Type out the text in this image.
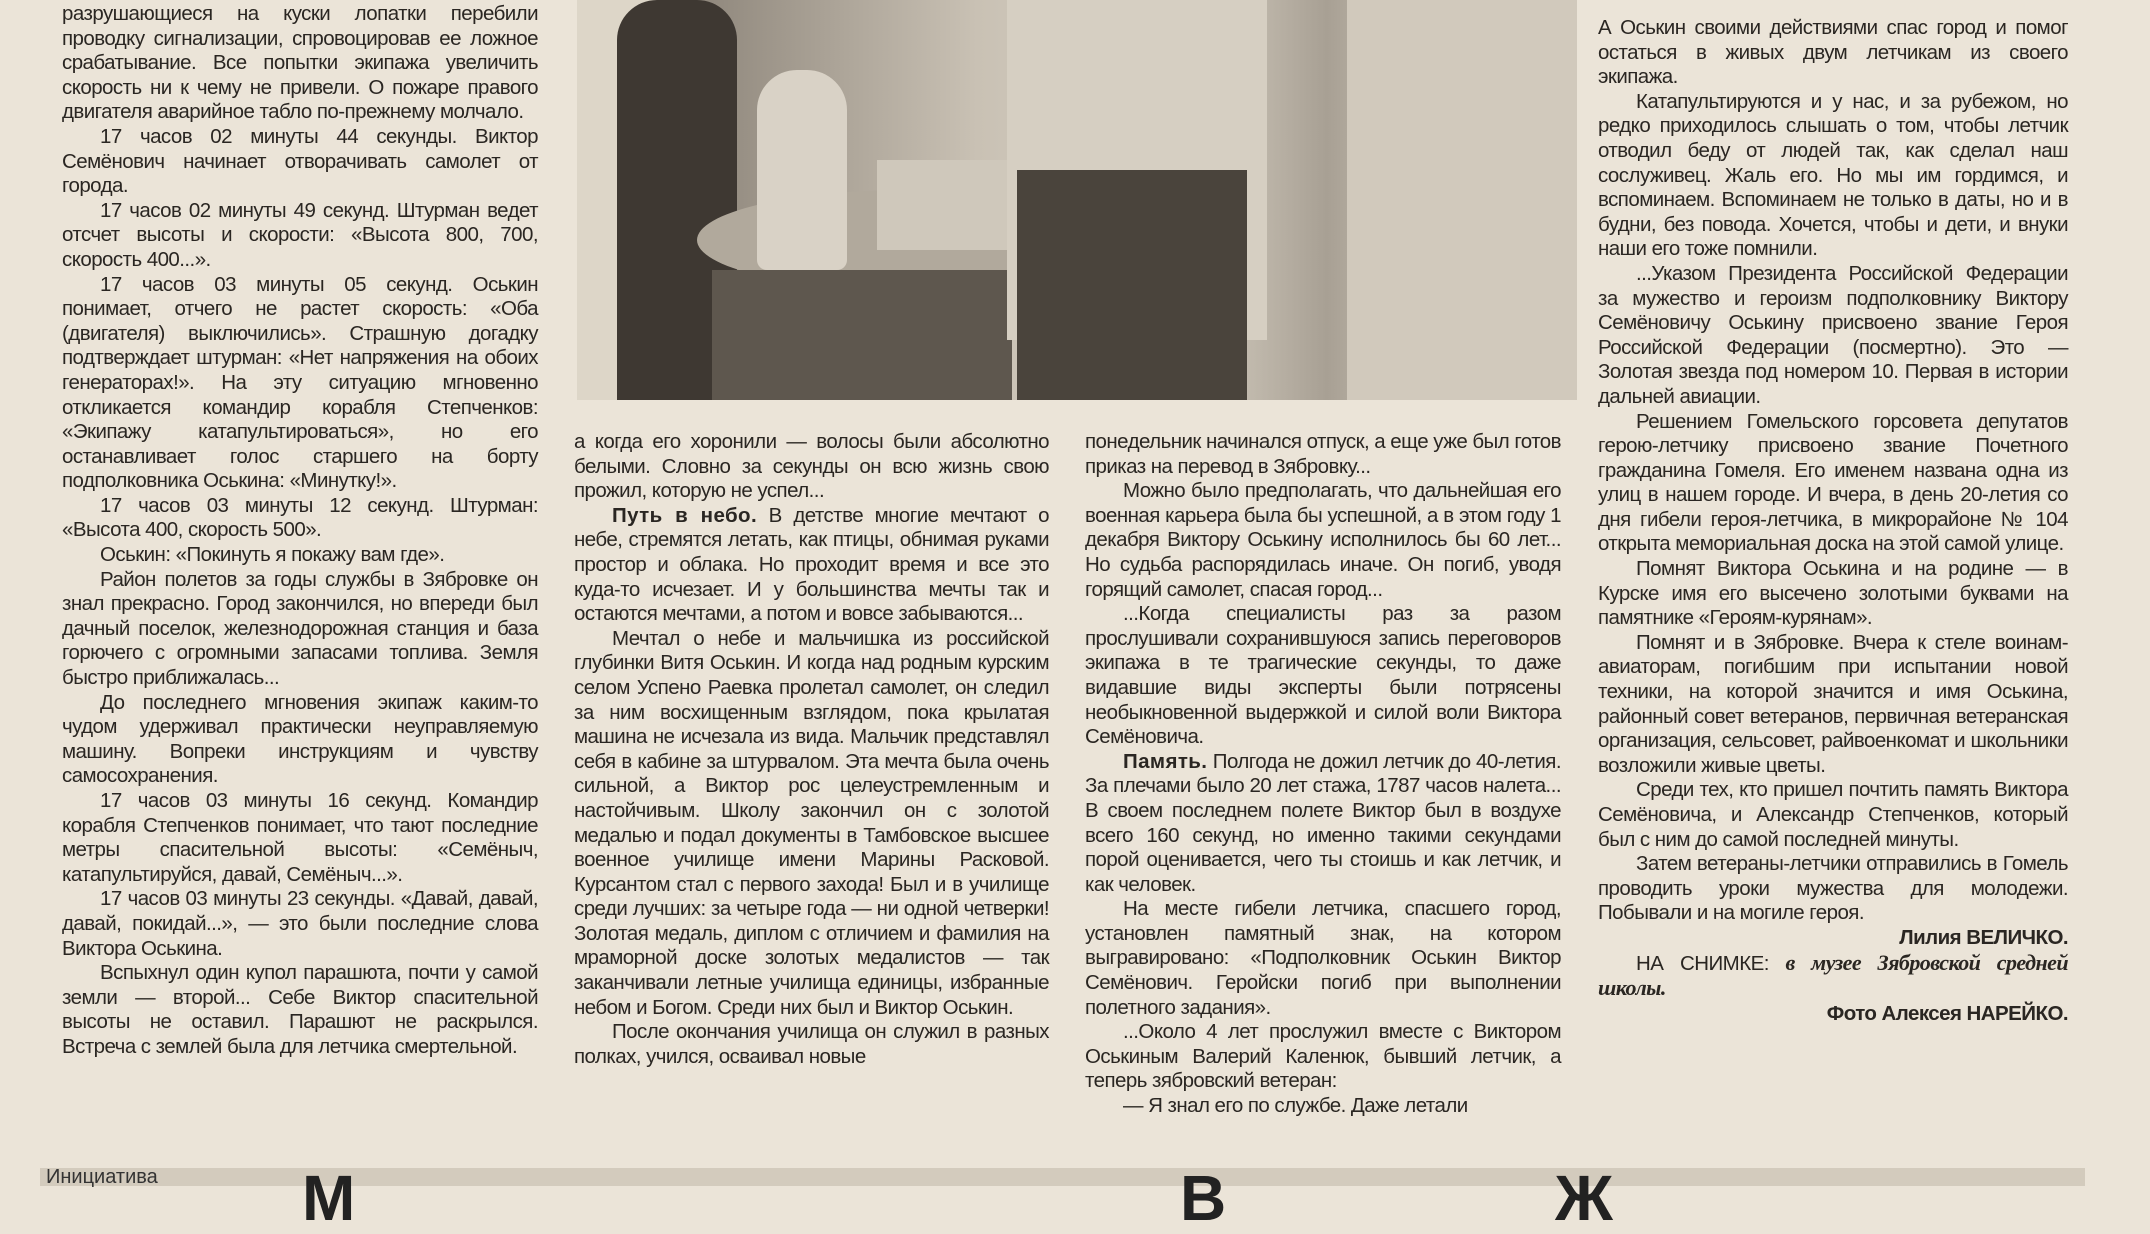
разрушающиеся на куски лопатки перебили проводку сигнализации, спровоцировав ее ложное срабатывание. Все попытки экипажа увеличить скорость ни к чему не привели. О пожаре правого двигателя аварийное табло по-прежнему молчало.

17 часов 02 минуты 44 секунды. Виктор Семёнович начинает отворачивать самолет от города.

17 часов 02 минуты 49 секунд. Штурман ведет отсчет высоты и скорости: «Высота 800, 700, скорость 400...».

17 часов 03 минуты 05 секунд. Оськин понимает, отчего не растет скорость: «Оба (двигателя) выключились». Страшную догадку подтверждает штурман: «Нет напряжения на обоих генераторах!». На эту ситуацию мгновенно откликается командир корабля Степченков: «Экипажу катапультироваться», но его останавливает голос старшего на борту подполковника Оськина: «Минутку!».

17 часов 03 минуты 12 секунд. Штурман: «Высота 400, скорость 500».

Оськин: «Покинуть я покажу вам где».

Район полетов за годы службы в Зябровке он знал прекрасно. Город закончился, но впереди был дачный поселок, железнодорожная станция и база горючего с огромными запасами топлива. Земля быстро приближалась...

До последнего мгновения экипаж каким-то чудом удерживал практически неуправляемую машину. Вопреки инструкциям и чувству самосохранения.

17 часов 03 минуты 16 секунд. Командир корабля Степченков понимает, что тают последние метры спасительной высоты: «Семёныч, катапультируйся, давай, Семёныч...».

17 часов 03 минуты 23 секунды. «Давай, давай, давай, покидай...», — это были последние слова Виктора Оськина.

Вспыхнул один купол парашюта, почти у самой земли — второй... Себе Виктор спасительной высоты не оставил. Парашют не раскрылся. Встреча с землей была для летчика смертельной.

а когда его хоронили — волосы были абсолютно белыми. Словно за секунды он всю жизнь свою прожил, которую не успел...

Путь в небо. В детстве многие мечтают о небе, стремятся летать, как птицы, обнимая руками простор и облака. Но проходит время и все это куда-то исчезает. И у большинства мечты так и остаются мечтами, а потом и вовсе забываются...

Мечтал о небе и мальчишка из российской глубинки Витя Оськин. И когда над родным курским селом Успено Раевка пролетал самолет, он следил за ним восхищенным взглядом, пока крылатая машина не исчезала из вида. Мальчик представлял себя в кабине за штурвалом. Эта мечта была очень сильной, а Виктор рос целеустремленным и настойчивым. Школу закончил он с золотой медалью и подал документы в Тамбовское высшее военное училище имени Марины Расковой. Курсантом стал с первого захода! Был и в училище среди лучших: за четыре года — ни одной четверки! Золотая медаль, диплом с отличием и фамилия на мраморной доске золотых медалистов — так заканчивали летные училища единицы, избранные небом и Богом. Среди них был и Виктор Оськин.

После окончания училища он служил в разных полках, учился, осваивал новые

понедельник начинался отпуск, а еще уже был готов приказ на перевод в Зябровку...

Можно было предполагать, что дальнейшая его военная карьера была бы успешной, а в этом году 1 декабря Виктору Оськину исполнилось бы 60 лет... Но судьба распорядилась иначе. Он погиб, уводя горящий самолет, спасая город...

...Когда специалисты раз за разом прослушивали сохранившуюся запись переговоров экипажа в те трагические секунды, то даже видавшие виды эксперты были потрясены необыкновенной выдержкой и силой воли Виктора Семёновича.

Память. Полгода не дожил летчик до 40-летия. За плечами было 20 лет стажа, 1787 часов налета... В своем последнем полете Виктор был в воздухе всего 160 секунд, но именно такими секундами порой оценивается, чего ты стоишь и как летчик, и как человек.

На месте гибели летчика, спасшего город, установлен памятный знак, на котором выгравировано: «Подполковник Оськин Виктор Семёнович. Геройски погиб при выполнении полетного задания».

...Около 4 лет прослужил вместе с Виктором Оськиным Валерий Каленюк, бывший летчик, а теперь зябровский ветеран:

— Я знал его по службе. Даже летали

А Оськин своими действиями спас город и помог остаться в живых двум летчикам из своего экипажа.

Катапультируются и у нас, и за рубежом, но редко приходилось слышать о том, чтобы летчик отводил беду от людей так, как сделал наш сослуживец. Жаль его. Но мы им гордимся, и вспоминаем. Вспоминаем не только в даты, но и в будни, без повода. Хочется, чтобы и дети, и внуки наши его тоже помнили.

...Указом Президента Российской Федерации за мужество и героизм подполковнику Виктору Семёновичу Оськину присвоено звание Героя Российской Федерации (посмертно). Это — Золотая звезда под номером 10. Первая в истории дальней авиации.

Решением Гомельского горсовета депутатов герою-летчику присвоено звание Почетного гражданина Гомеля. Его именем названа одна из улиц в нашем городе. И вчера, в день 20-летия со дня гибели героя-летчика, в микрорайоне № 104 открыта мемориальная доска на этой самой улице.

Помнят Виктора Оськина и на родине — в Курске имя его высечено золотыми буквами на памятнике «Героям-курянам».

Помнят и в Зябровке. Вчера к стеле воинам-авиаторам, погибшим при испытании новой техники, на которой значится и имя Оськина, районный совет ветеранов, первичная ветеранская организация, сельсовет, райвоенкомат и школьники возложили живые цветы.

Среди тех, кто пришел почтить память Виктора Семёновича, и Александр Степченков, который был с ним до самой последней минуты.

Затем ветераны-летчики отправились в Гомель проводить уроки мужества для молодежи. Побывали и на могиле героя.

Лилия ВЕЛИЧКО.

НА СНИМКЕ: в музее Зябровской средней школы.

Фото Алексея НАРЕЙКО.

Инициатива М	В	Ж
